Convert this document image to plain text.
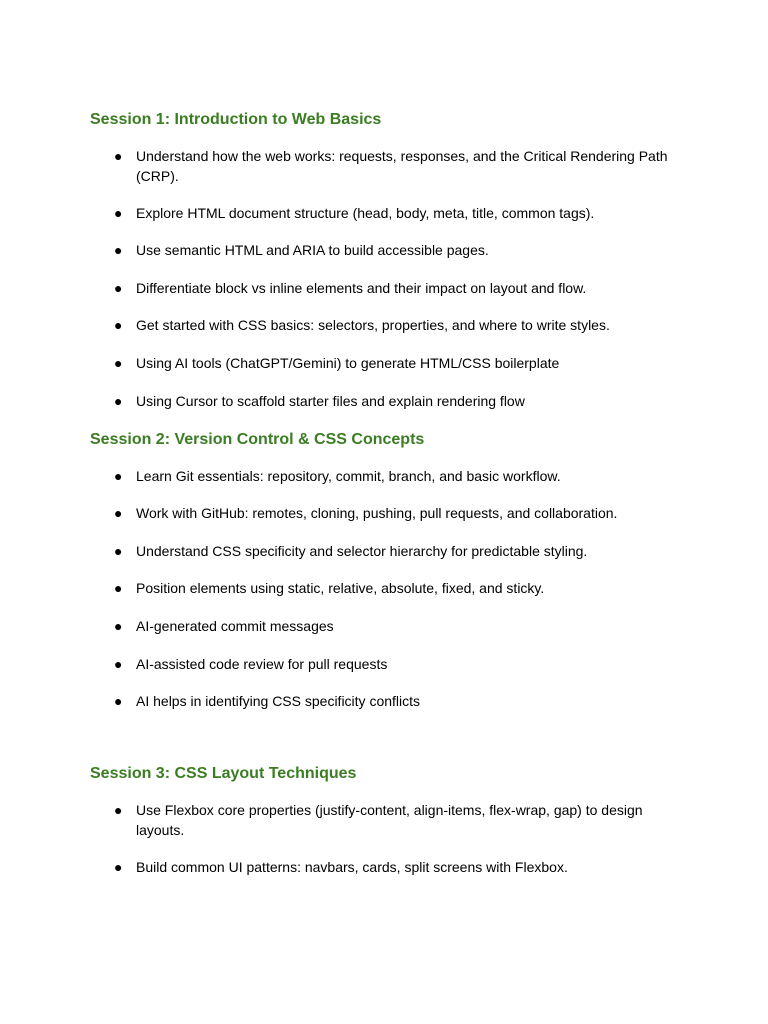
Session 1: Introduction to Web Basics
● Understand how the web works: requests, responses, and the Critical Rendering Path (CRP).
● Explore HTML document structure (head, body, meta, title, common tags).
● Use semantic HTML and ARIA to build accessible pages.
● Differentiate block vs inline elements and their impact on layout and flow.
● Get started with CSS basics: selectors, properties, and where to write styles.
● Using AI tools (ChatGPT/Gemini) to generate HTML/CSS boilerplate
● Using Cursor to scaffold starter files and explain rendering flow
Session 2: Version Control & CSS Concepts
● Learn Git essentials: repository, commit, branch, and basic workflow.
● Work with GitHub: remotes, cloning, pushing, pull requests, and collaboration.
● Understand CSS specificity and selector hierarchy for predictable styling.
● Position elements using static, relative, absolute, fixed, and sticky.
● AI-generated commit messages
● AI-assisted code review for pull requests
● AI helps in identifying CSS specificity conflicts
Session 3: CSS Layout Techniques
● Use Flexbox core properties (justify-content, align-items, flex-wrap, gap) to design layouts.
● Build common UI patterns: navbars, cards, split screens with Flexbox.
